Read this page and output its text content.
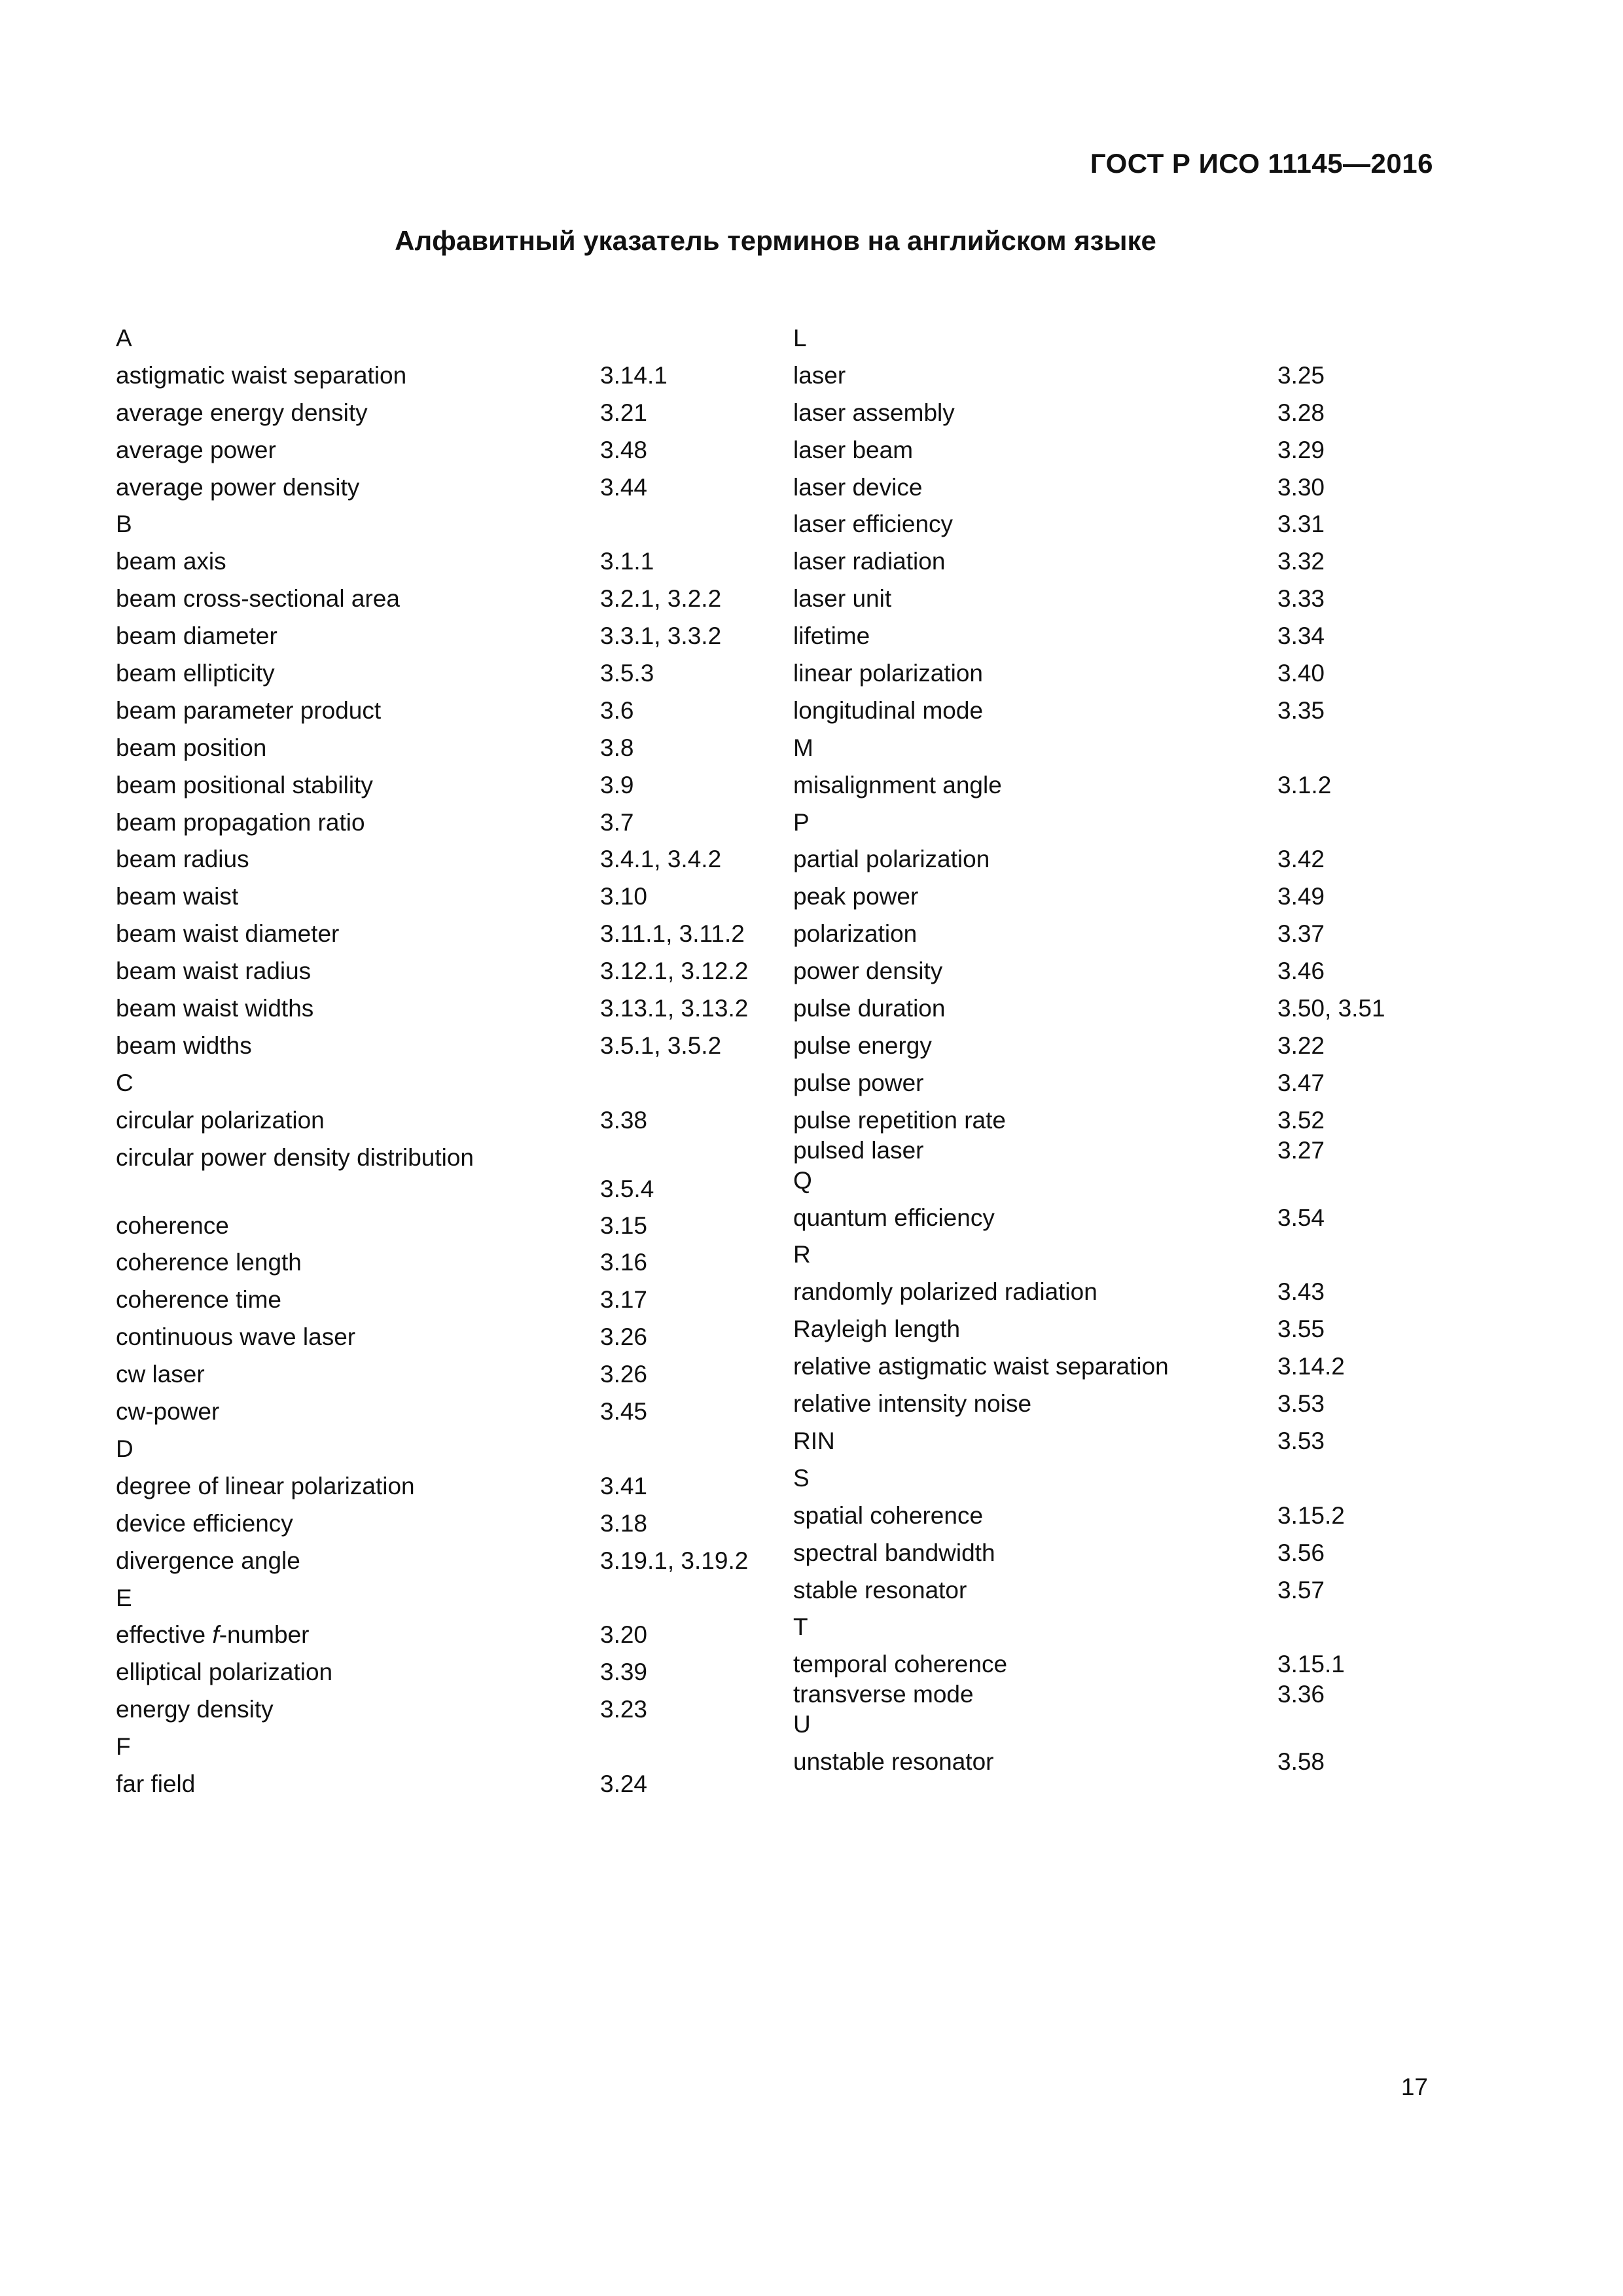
ГОСТ Р ИСО 11145—2016
Алфавитный указатель терминов на английском языке
A
astigmatic waist separation	3.14.1
average energy density	3.21
average power	3.48
average power density	3.44
B
beam axis	3.1.1
beam cross-sectional area	3.2.1, 3.2.2
beam diameter	3.3.1, 3.3.2
beam ellipticity	3.5.3
beam parameter product	3.6
beam position	3.8
beam positional stability	3.9
beam propagation ratio	3.7
beam radius	3.4.1, 3.4.2
beam waist	3.10
beam waist diameter	3.11.1, 3.11.2
beam waist radius	3.12.1, 3.12.2
beam waist widths	3.13.1, 3.13.2
beam widths	3.5.1, 3.5.2
C
circular polarization	3.38
circular power density distribution
3.5.4
coherence	3.15
coherence length	3.16
coherence time	3.17
continuous wave laser	3.26
cw laser	3.26
cw-power	3.45
D
degree of linear polarization	3.41
device efficiency	3.18
divergence angle	3.19.1, 3.19.2
E
effective f-number	3.20
elliptical polarization	3.39
energy density	3.23
F
far field	3.24
L
laser	3.25
laser assembly	3.28
laser beam	3.29
laser device	3.30
laser efficiency	3.31
laser radiation	3.32
laser unit	3.33
lifetime	3.34
linear polarization	3.40
longitudinal mode	3.35
M
misalignment angle	3.1.2
P
partial polarization	3.42
peak power	3.49
polarization	3.37
power density	3.46
pulse duration	3.50, 3.51
pulse energy	3.22
pulse power	3.47
pulse repetition rate	3.52
pulsed laser	3.27
Q
quantum efficiency	3.54
R
randomly polarized radiation	3.43
Rayleigh length	3.55
relative astigmatic waist separation	3.14.2
relative intensity noise	3.53
RIN	3.53
S
spatial coherence	3.15.2
spectral bandwidth	3.56
stable resonator	3.57
T
temporal coherence	3.15.1
transverse mode	3.36
U
unstable resonator	3.58
17
